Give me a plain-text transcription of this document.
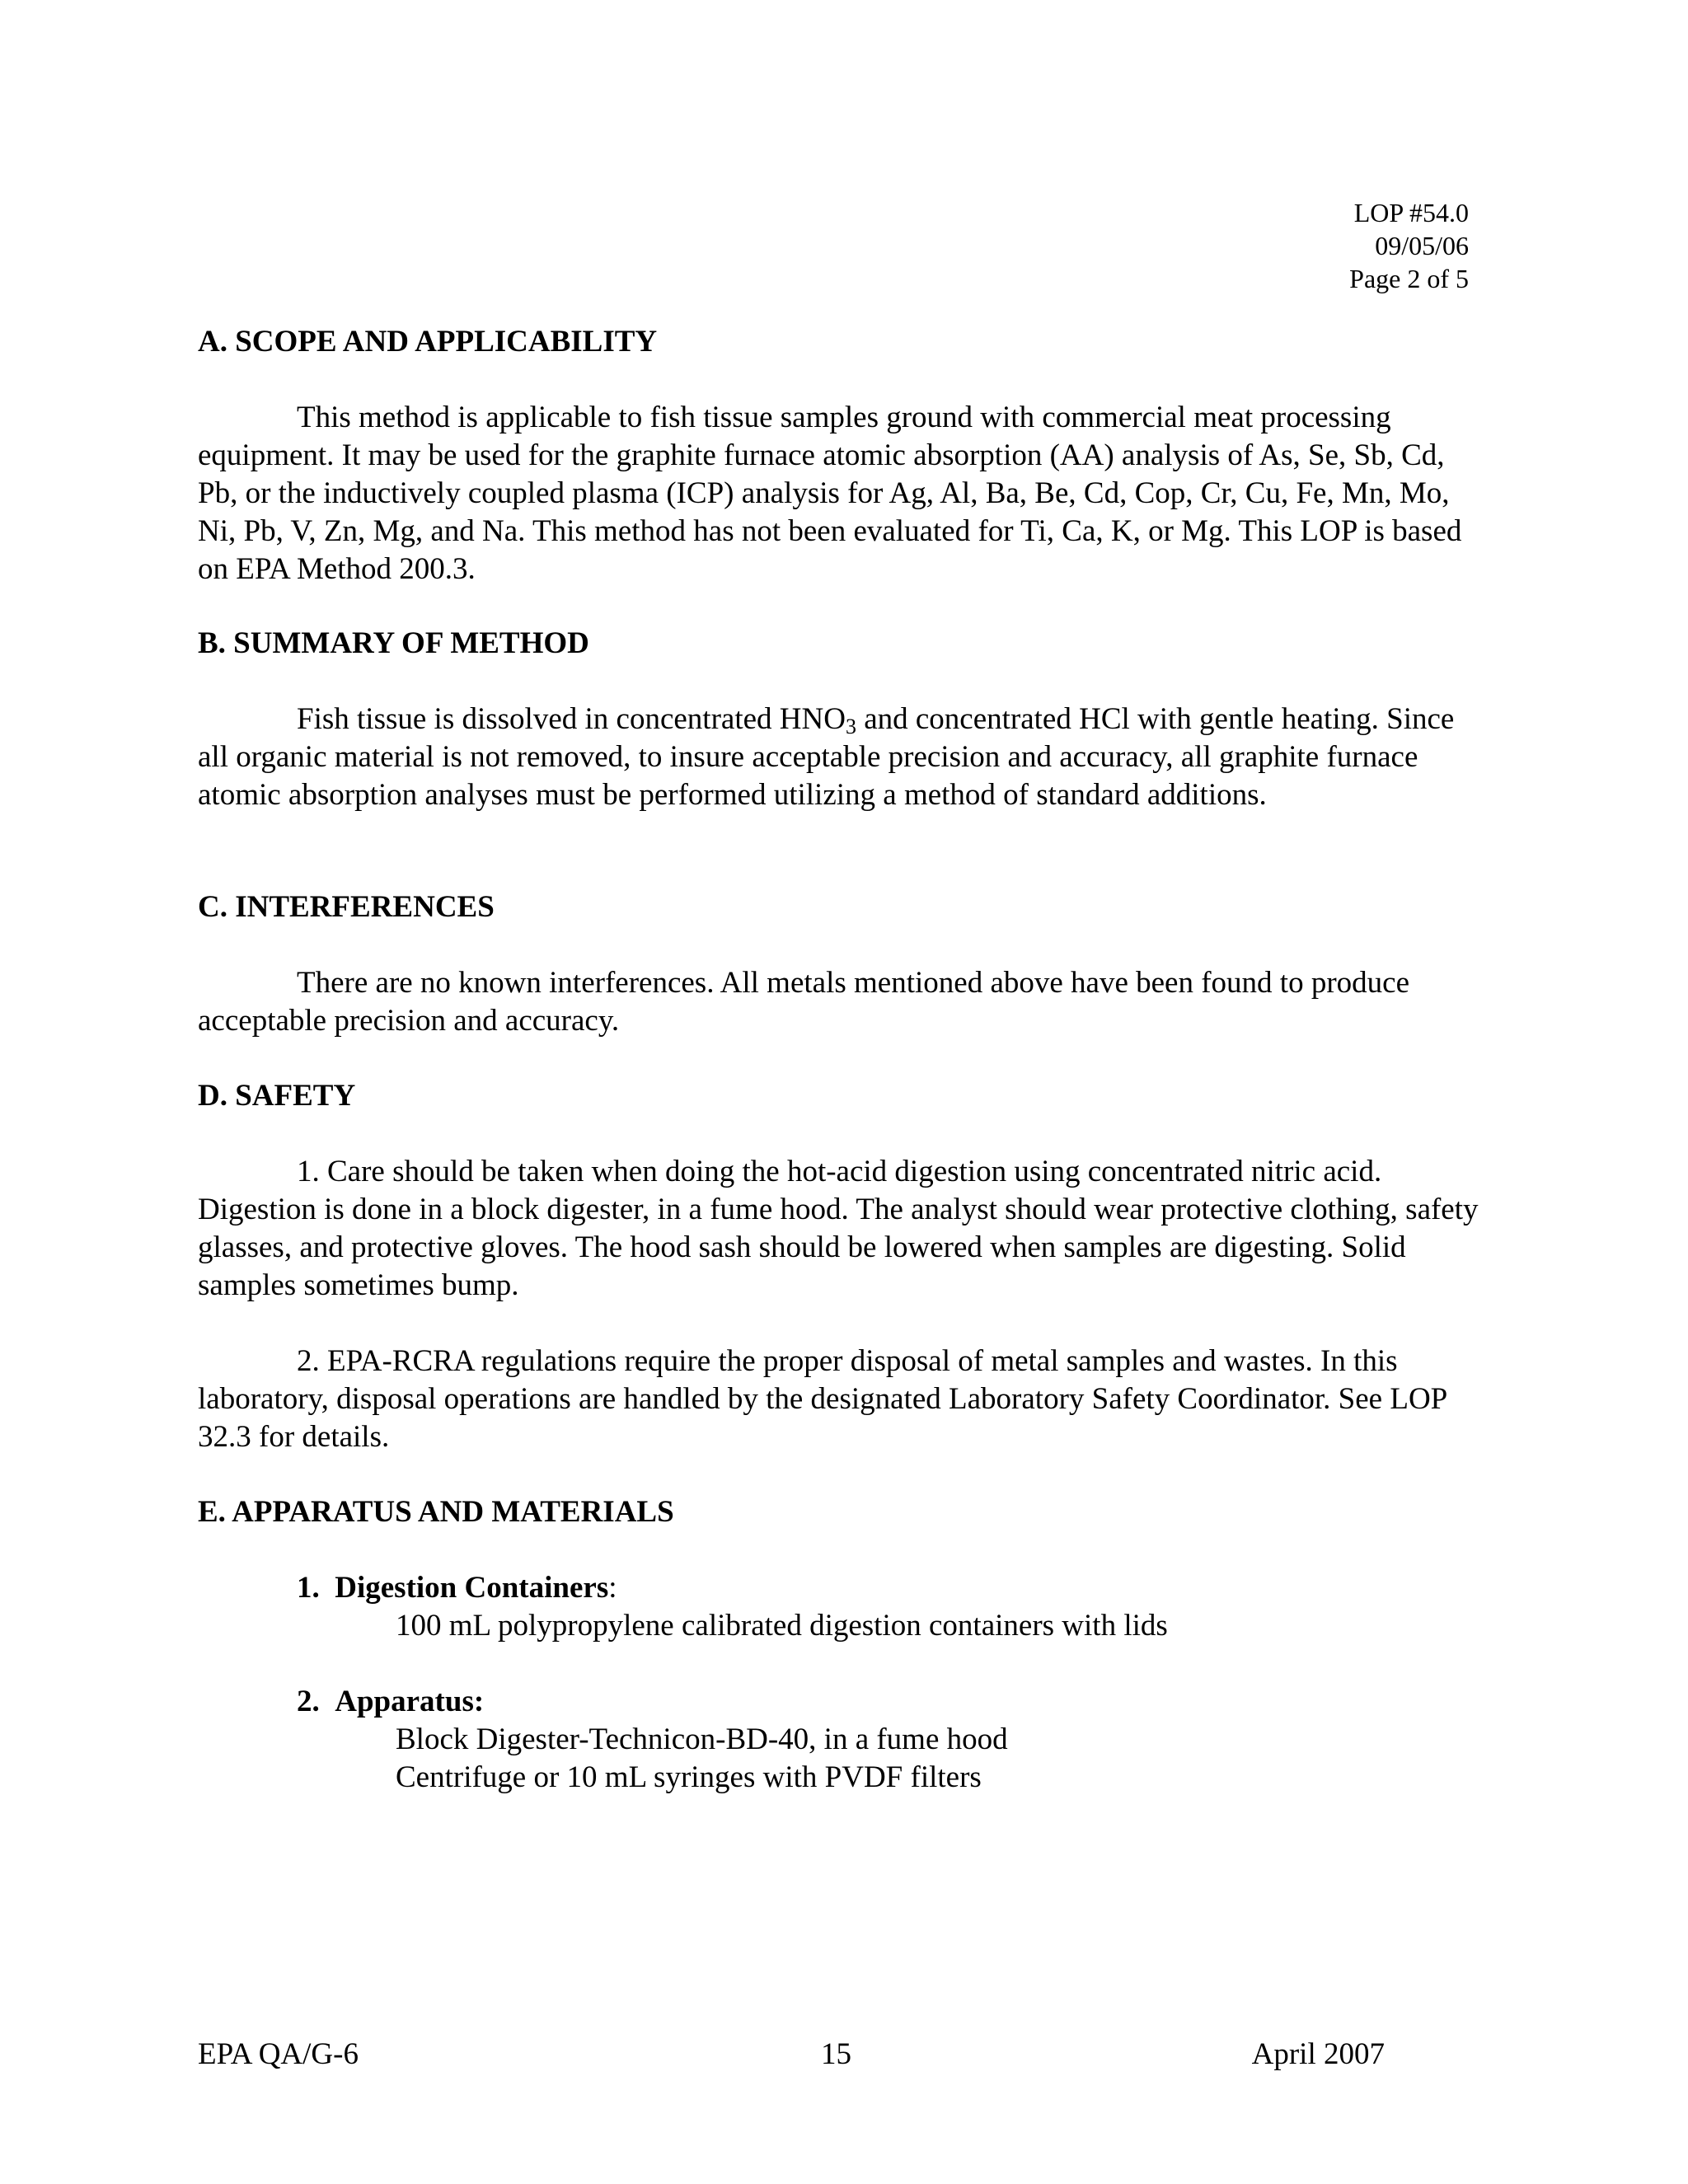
LOP #54.0
09/05/06
Page 2 of 5

A. SCOPE AND APPLICABILITY

This method is applicable to fish tissue samples ground with commercial meat processing equipment. It may be used for the graphite furnace atomic absorption (AA) analysis of As, Se, Sb, Cd, Pb, or the inductively coupled plasma (ICP) analysis for Ag, Al, Ba, Be, Cd, Cop, Cr, Cu, Fe, Mn, Mo, Ni, Pb, V, Zn, Mg, and Na. This method has not been evaluated for Ti, Ca, K, or Mg. This LOP is based on EPA Method 200.3.

B. SUMMARY OF METHOD

Fish tissue is dissolved in concentrated $HNO_3$ and concentrated HCl with gentle heating. Since all organic material is not removed, to insure acceptable precision and accuracy, all graphite furnace atomic absorption analyses must be performed utilizing a method of standard additions.

C. INTERFERENCES

There are no known interferences. All metals mentioned above have been found to produce acceptable precision and accuracy.

D. SAFETY

1. Care should be taken when doing the hot-acid digestion using concentrated nitric acid. Digestion is done in a block digester, in a fume hood. The analyst should wear protective clothing, safety glasses, and protective gloves. The hood sash should be lowered when samples are digesting. Solid samples sometimes bump.

2. EPA-RCRA regulations require the proper disposal of metal samples and wastes. In this laboratory, disposal operations are handled by the designated Laboratory Safety Coordinator. See LOP 32.3 for details.

E. APPARATUS AND MATERIALS

1. Digestion Containers:
100 mL polypropylene calibrated digestion containers with lids
2. Apparatus:
Block Digester-Technicon-BD-40, in a fume hood
Centrifuge or 10 mL syringes with PVDF filters
EPA QA/G-6	15	April 2007
